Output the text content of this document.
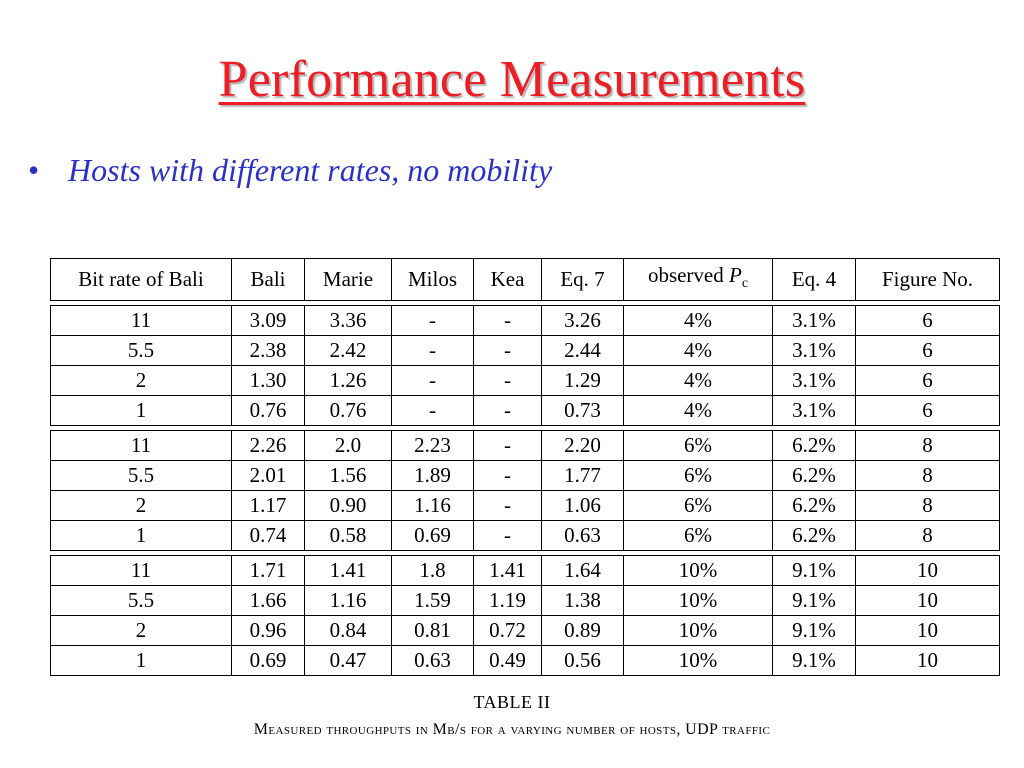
Performance Measurements
• Hosts with different rates, no mobility
Bit rate of Bali	Bali	Marie	Milos	Kea	Eq. 7	observed $P_c$	Eq. 4	Figure No.

11	3.09	3.36	-	-	3.26	4%	3.1%	6
5.5	2.38	2.42	-	-	2.44	4%	3.1%	6
2	1.30	1.26	-	-	1.29	4%	3.1%	6
1	0.76	0.76	-	-	0.73	4%	3.1%	6

11	2.26	2.0	2.23	-	2.20	6%	6.2%	8
5.5	2.01	1.56	1.89	-	1.77	6%	6.2%	8
2	1.17	0.90	1.16	-	1.06	6%	6.2%	8
1	0.74	0.58	0.69	-	0.63	6%	6.2%	8

11	1.71	1.41	1.8	1.41	1.64	10%	9.1%	10
5.5	1.66	1.16	1.59	1.19	1.38	10%	9.1%	10
2	0.96	0.84	0.81	0.72	0.89	10%	9.1%	10
1	0.69	0.47	0.63	0.49	0.56	10%	9.1%	10
TABLE II
Measured throughputs in Mb/s for a varying number of hosts, UDP traffic
